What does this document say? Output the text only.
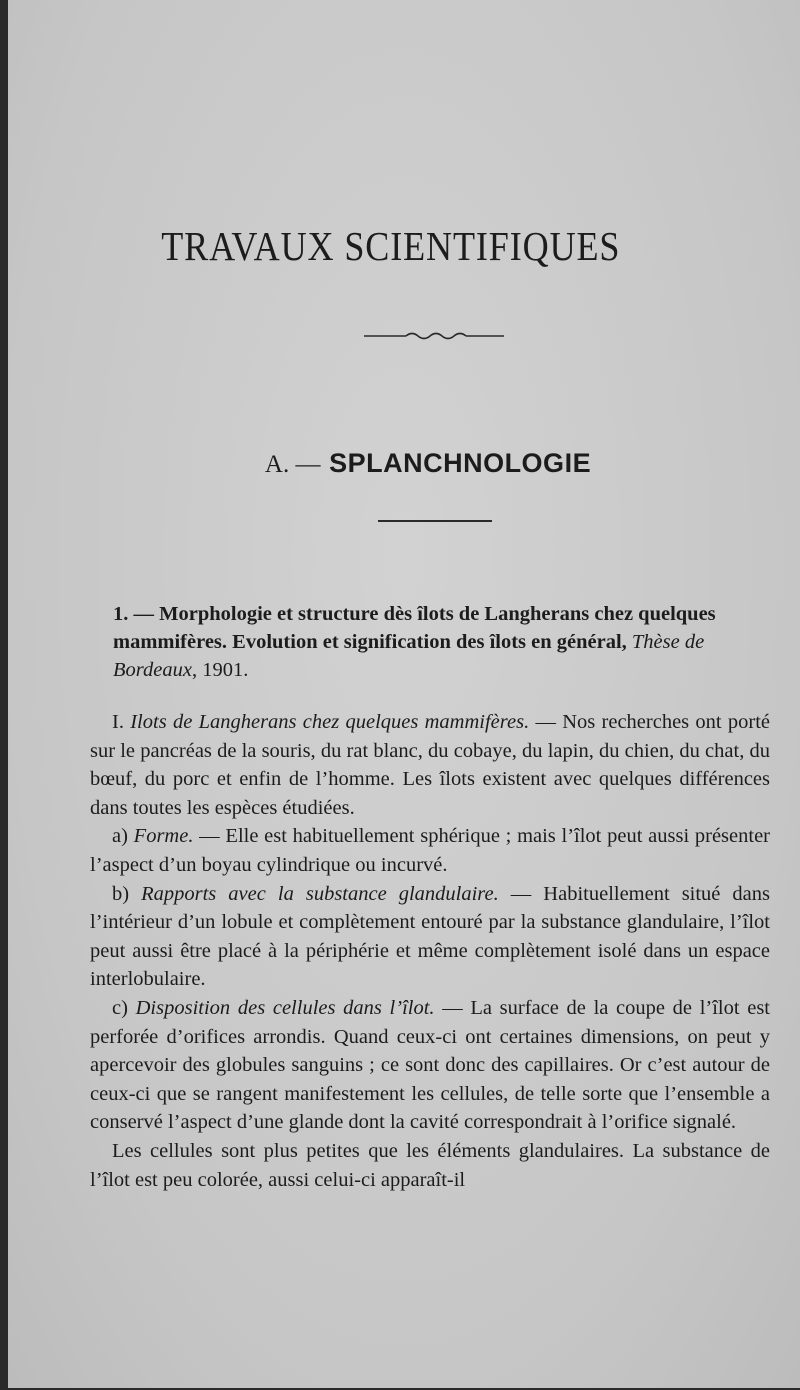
TRAVAUX SCIENTIFIQUES
A. — SPLANCHNOLOGIE
1. — Morphologie et structure dès îlots de Langherans chez quelques mammifères. Evolution et signification des îlots en général, Thèse de Bordeaux, 1901.

I. Ilots de Langherans chez quelques mammifères. — Nos recherches ont porté sur le pancréas de la souris, du rat blanc, du cobaye, du lapin, du chien, du chat, du bœuf, du porc et enfin de l’homme. Les îlots existent avec quelques différences dans toutes les espèces étudiées.

a) Forme. — Elle est habituellement sphérique ; mais l’îlot peut aussi présenter l’aspect d’un boyau cylindrique ou incurvé.

b) Rapports avec la substance glandulaire. — Habituellement situé dans l’intérieur d’un lobule et complètement entouré par la substance glandulaire, l’îlot peut aussi être placé à la périphérie et même complètement isolé dans un espace interlobulaire.

c) Disposition des cellules dans l’îlot. — La surface de la coupe de l’îlot est perforée d’orifices arrondis. Quand ceux-ci ont certaines dimensions, on peut y apercevoir des globules sanguins ; ce sont donc des capillaires. Or c’est autour de ceux-ci que se rangent manifestement les cellules, de telle sorte que l’ensemble a conservé l’aspect d’une glande dont la cavité correspondrait à l’orifice signalé.

Les cellules sont plus petites que les éléments glandulaires. La substance de l’îlot est peu colorée, aussi celui-ci apparaît-il
